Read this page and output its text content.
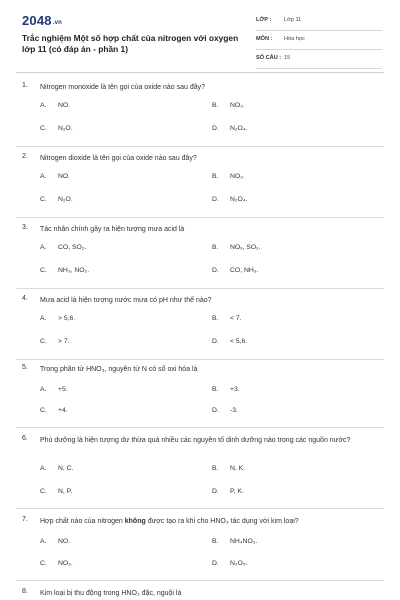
2048.vn
Trắc nghiệm Một số hợp chất của nitrogen với oxygen lớp 11 (có đáp án - phần 1)
LỚP : Lớp 11
MÔN : Hóa học
SỐ CÂU : 15
1. Nitrogen monoxide là tên gọi của oxide nào sau đây?
A. NO.	B. NO₂.
C. N₂O.	D. N₂O₄.
2. Nitrogen dioxide là tên gọi của oxide nào sau đây?
A. NO.	B. NO₂.
C. N₂O.	D. N₂O₄.
3. Tác nhân chính gây ra hiện tượng mưa acid là
A. CO, SO₂.	B. NOₓ, SO₂.
C. NH₃, NO₂.	D. CO, NH₃.
4. Mưa acid là hiện tượng nước mưa có pH như thế nào?
A. > 5,6.	B. < 7.
C. > 7.	D. < 5,6.
5. Trong phân tử HNO₃, nguyên tử N có số oxi hóa là
A. +5.	B. +3.
C. +4.	D. -3.
6. Phú dưỡng là hiện tượng dư thừa quá nhiều các nguyên tố dinh dưỡng nào trong các nguồn nước?
A. N, C.	B. N, K.
C. N, P.	D. P, K.
7. Hợp chất nào của nitrogen không được tạo ra khi cho HNO₃ tác dụng với kim loại?
A. NO.	B. NH₄NO₃.
C. NO₂.	D. N₂O₅.
8. Kim loại bị thụ động trong HNO₃ đặc, nguội là
